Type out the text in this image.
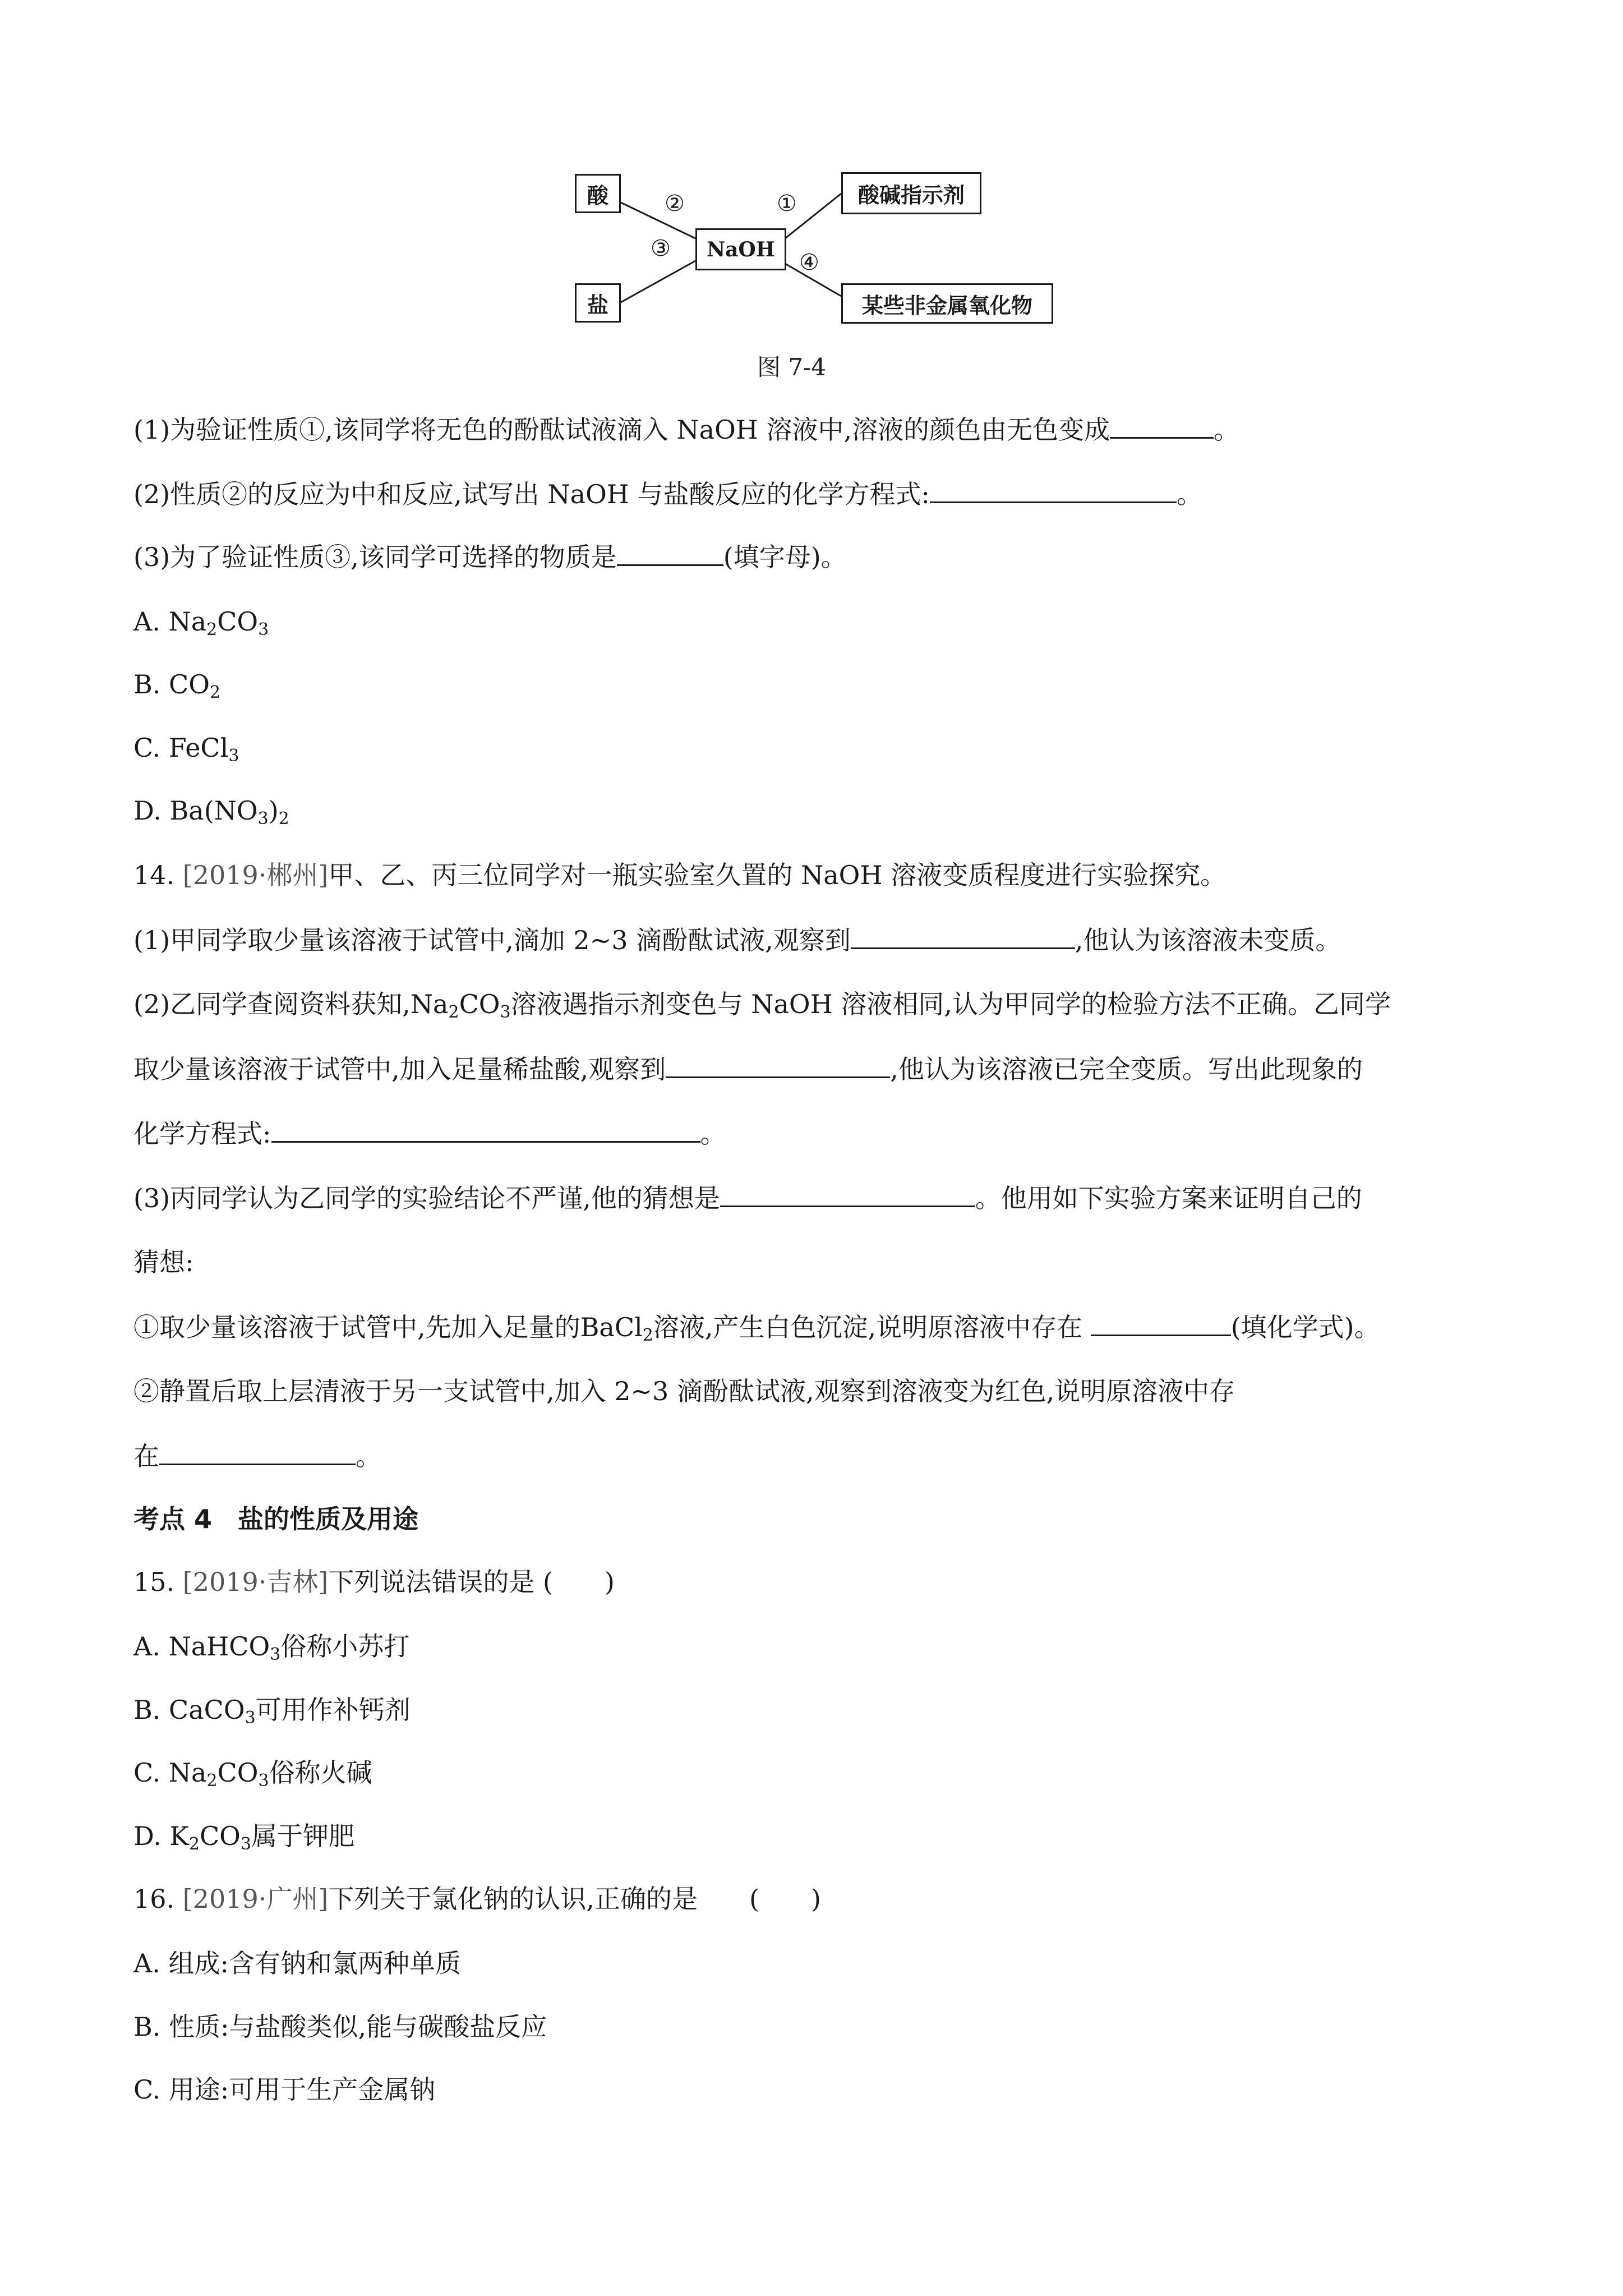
酸
盐
NaOH
酸碱指示剂
某些非金属氧化物
②	①
③
④
图 7-4
(1)为验证性质①,该同学将无色的酚酞试液滴入 NaOH 溶液中,溶液的颜色由无色变成	。
(2)性质②的反应为中和反应,试写出 NaOH 与盐酸反应的化学方程式:	。
(3)为了验证性质③,该同学可选择的物质是	(填字母)。
A. $Na_2CO_3$
B. $CO_2$
C. FeCl$_3$
D. $Ba(NO_3)_2$
14. [2019·郴州]甲、乙、丙三位同学对一瓶实验室久置的 NaOH 溶液变质程度进行实验探究。
(1)甲同学取少量该溶液于试管中,滴加 2~3 滴酚酞试液,观察到	,他认为该溶液未变质。
(2)乙同学查阅资料获知$,Na_2CO_3$溶液遇指示剂变色与 NaOH 溶液相同,认为甲同学的检验方法不正确。乙同学
取少量该溶液于试管中,加入足量稀盐酸,观察到	,他认为该溶液已完全变质。写出此现象的
化学方程式:	。
(3)丙同学认为乙同学的实验结论不严谨,他的猜想是	。他用如下实验方案来证明自己的
猜想:
①取少量该溶液于试管中,先加入足量的BaCl$_2$溶液,产生白色沉淀,说明原溶液中存在	(填化学式)。
②静置后取上层清液于另一支试管中,加入 2~3 滴酚酞试液,观察到溶液变为红色,说明原溶液中存
在	。
考点 4　盐的性质及用途
15. [2019·吉林]下列说法错误的是 (　　)
A. NaHCO$_3$俗称小苏打
B. CaCO$_3$可用作补钙剂
C. $Na_2CO_3$俗称火碱
D. $K_2CO_3$属于钾肥
16. [2019·广州]下列关于氯化钠的认识,正确的是　　(　　)
A. 组成:含有钠和氯两种单质
B. 性质:与盐酸类似,能与碳酸盐反应
C. 用途:可用于生产金属钠
